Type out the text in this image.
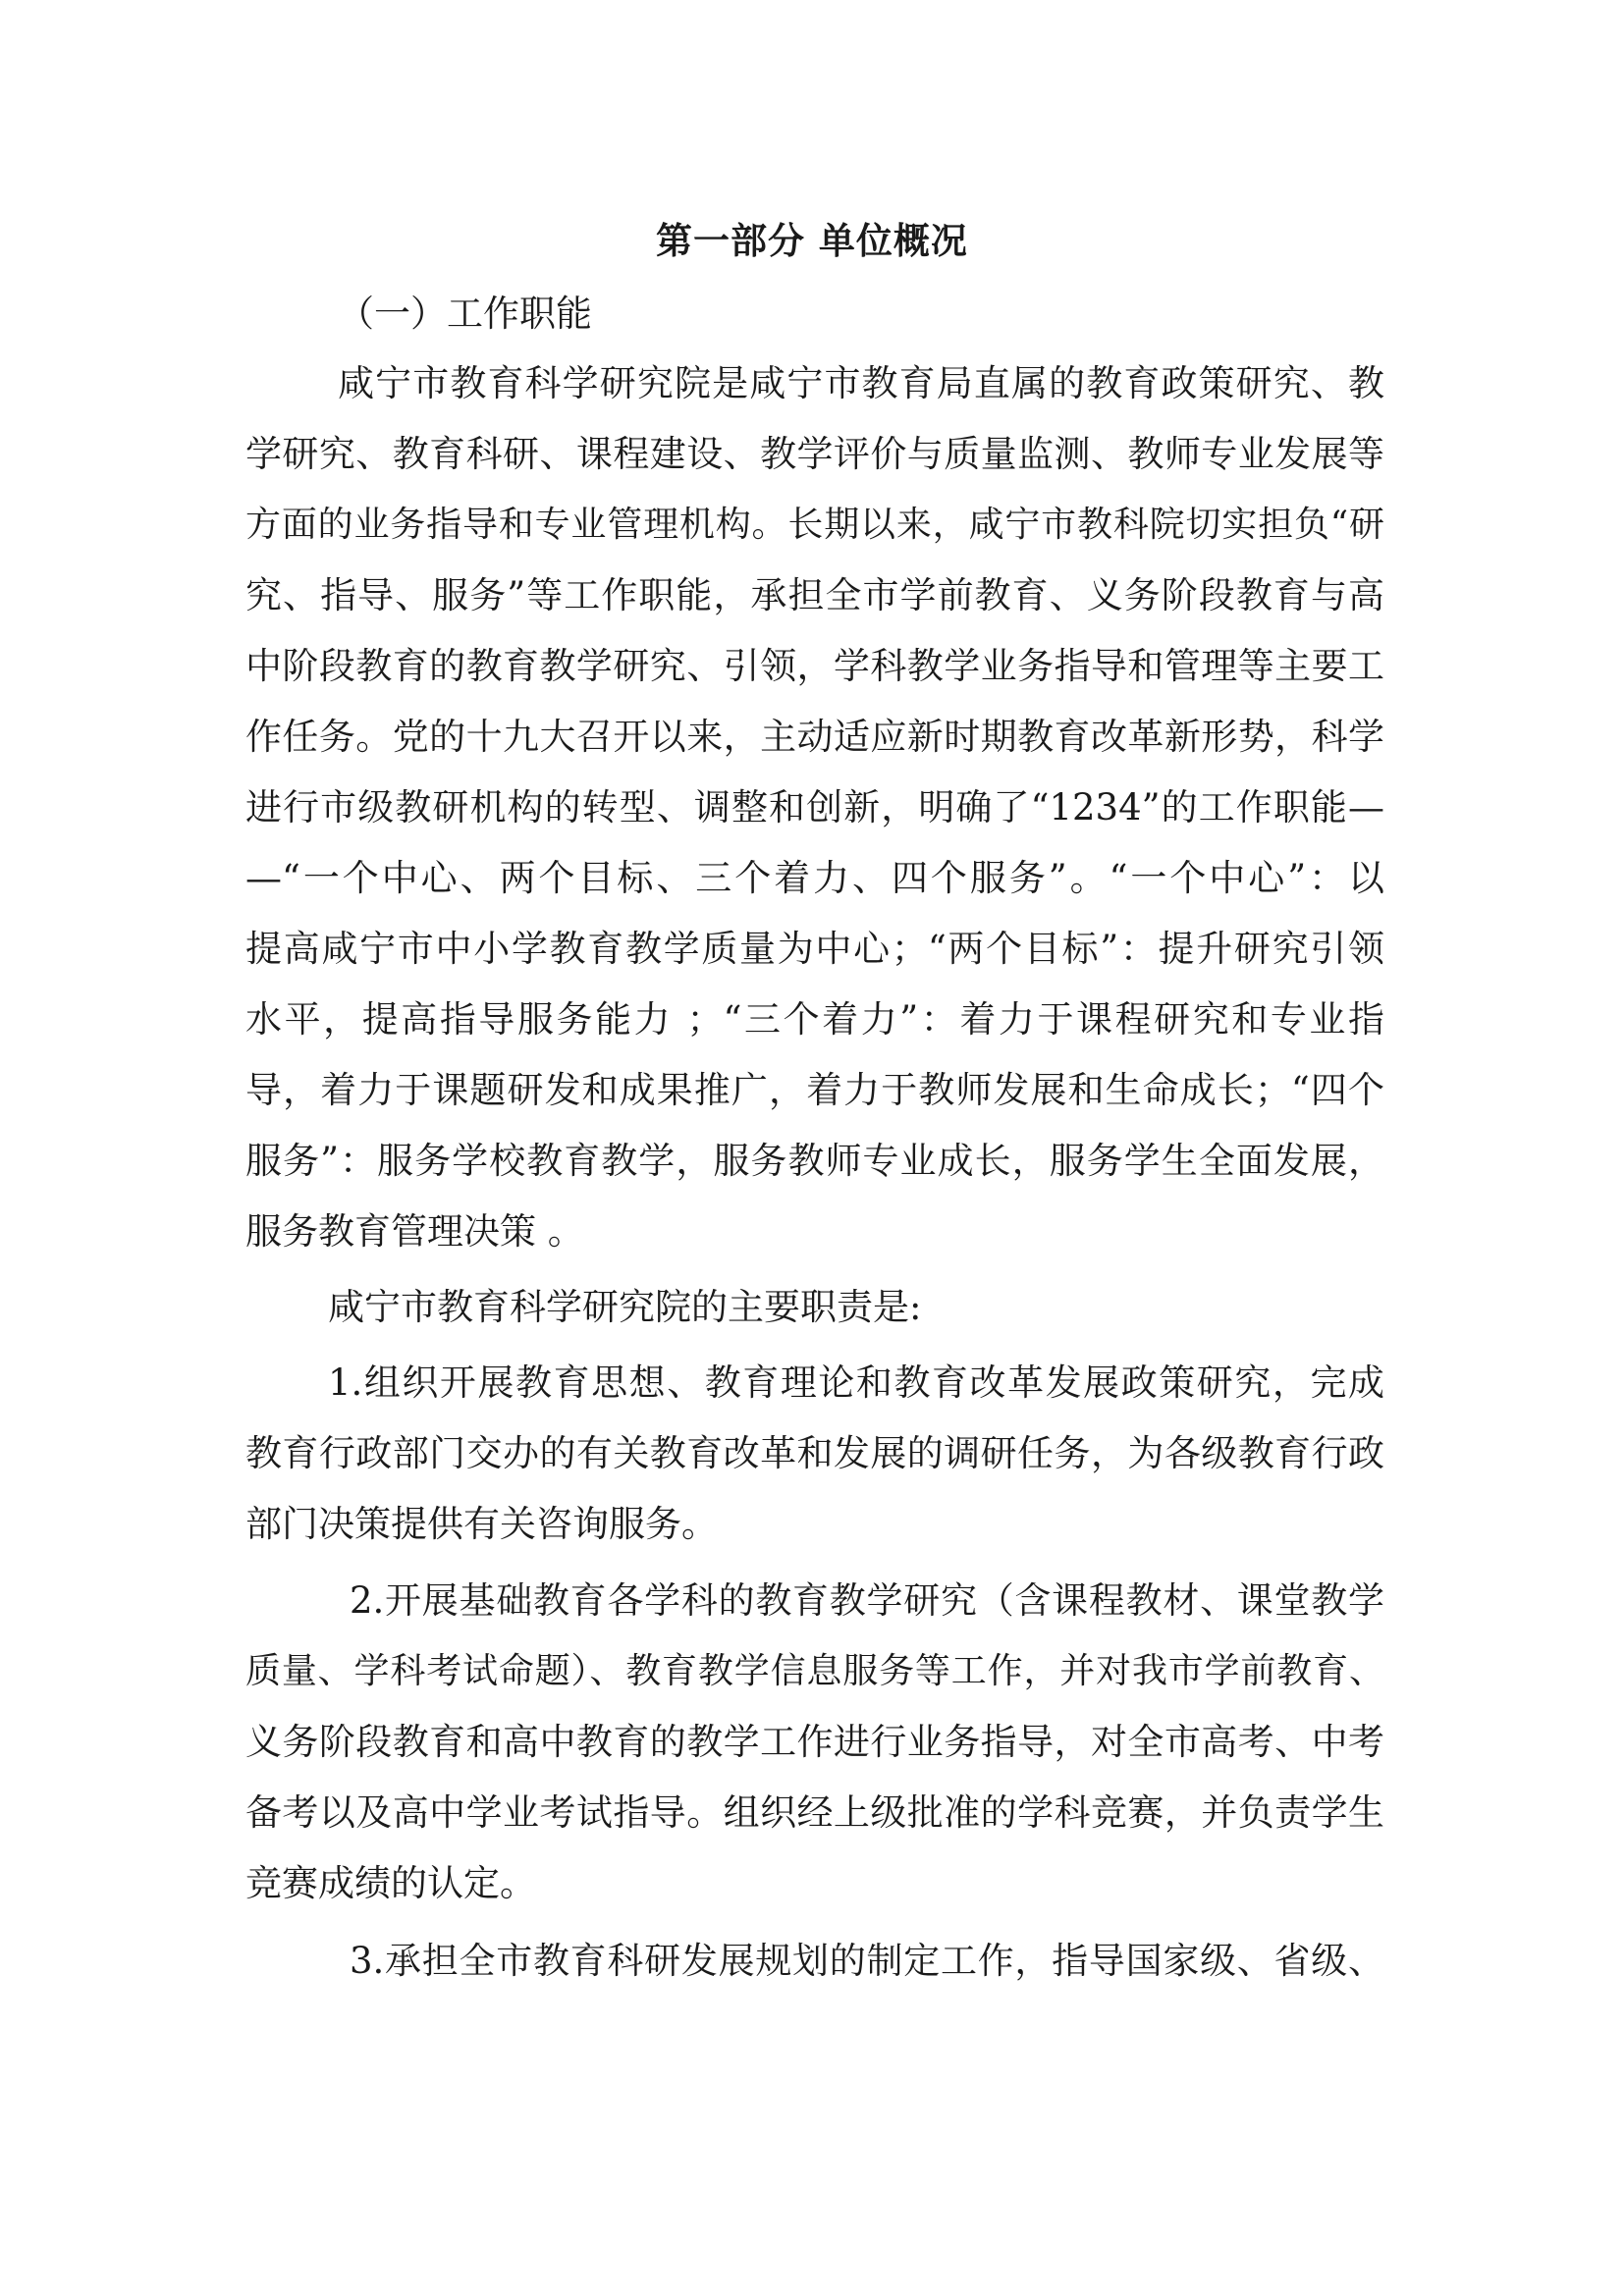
第一部分 单位概况
（一）工作职能
咸宁市教育科学研究院是咸宁市教育局直属的教育政策研究、教
学研究、教育科研、课程建设、教学评价与质量监测、教师专业发展等
方面的业务指导和专业管理机构。长期以来，咸宁市教科院切实担负“研
究、指导、服务”等工作职能，承担全市学前教育、义务阶段教育与高
中阶段教育的教育教学研究、引领，学科教学业务指导和管理等主要工
作任务。党的十九大召开以来，主动适应新时期教育改革新形势，科学
进行市级教研机构的转型、调整和创新，明确了“1234”的工作职能—
—“一个中心、两个目标、三个着力、四个服务”。“一个中心”：以
提高咸宁市中小学教育教学质量为中心；“两个目标”：提升研究引领
水平，提高指导服务能力 ；“三个着力”：着力于课程研究和专业指
导，着力于课题研发和成果推广，着力于教师发展和生命成长；“四个
服务”：服务学校教育教学，服务教师专业成长，服务学生全面发展，
服务教育管理决策 。
咸宁市教育科学研究院的主要职责是:
1.组织开展教育思想、教育理论和教育改革发展政策研究，完成
教育行政部门交办的有关教育改革和发展的调研任务，为各级教育行政
部门决策提供有关咨询服务。
2.开展基础教育各学科的教育教学研究（含课程教材、课堂教学
质量、学科考试命题）、教育教学信息服务等工作，并对我市学前教育、
义务阶段教育和高中教育的教学工作进行业务指导，对全市高考、中考
备考以及高中学业考试指导。组织经上级批准的学科竞赛，并负责学生
竞赛成绩的认定。
3.承担全市教育科研发展规划的制定工作，指导国家级、省级、
